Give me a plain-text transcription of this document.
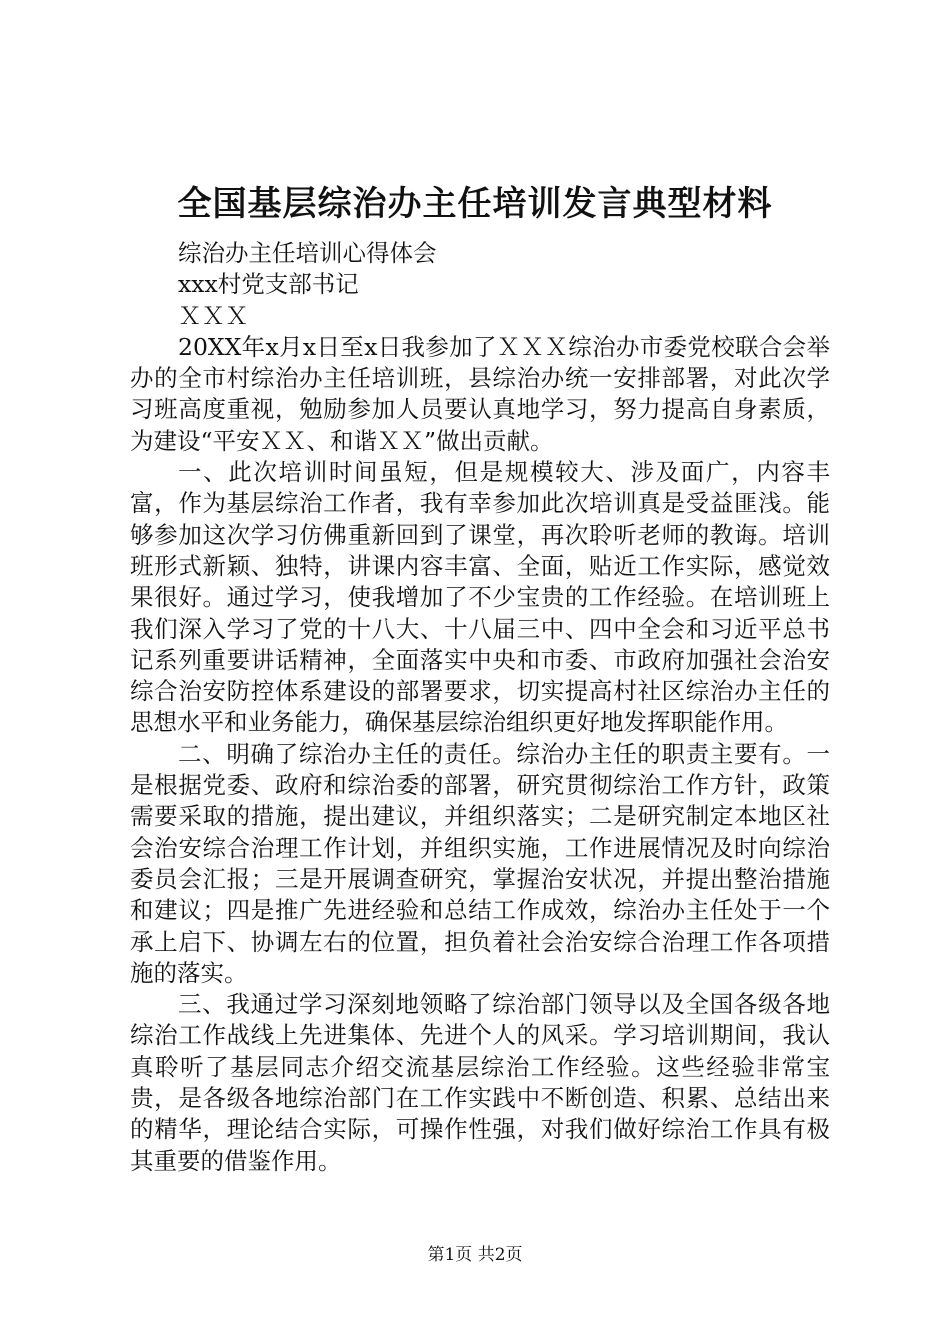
全国基层综治办主任培训发言典型材料
综治办主任培训心得体会
xxx村党支部书记
ＸＸＸ

20XX年x月x日至x日我参加了ＸＸＸ综治办市委党校联合会举办的全市村综治办主任培训班，县综治办统一安排部署，对此次学习班高度重视，勉励参加人员要认真地学习，努力提高自身素质，为建设“平安ＸＸ、和谐ＸＸ”做出贡献。

一、此次培训时间虽短，但是规模较大、涉及面广，内容丰富，作为基层综治工作者，我有幸参加此次培训真是受益匪浅。能够参加这次学习仿佛重新回到了课堂，再次聆听老师的教诲。培训班形式新颖、独特，讲课内容丰富、全面，贴近工作实际，感觉效果很好。通过学习，使我增加了不少宝贵的工作经验。在培训班上我们深入学习了党的十八大、十八届三中、四中全会和习近平总书记系列重要讲话精神，全面落实中央和市委、市政府加强社会治安综合治安防控体系建设的部署要求，切实提高村社区综治办主任的思想水平和业务能力，确保基层综治组织更好地发挥职能作用。

二、明确了综治办主任的责任。综治办主任的职责主要有。一是根据党委、政府和综治委的部署，研究贯彻综治工作方针，政策需要采取的措施，提出建议，并组织落实；二是研究制定本地区社会治安综合治理工作计划，并组织实施，工作进展情况及时向综治委员会汇报；三是开展调查研究，掌握治安状况，并提出整治措施和建议；四是推广先进经验和总结工作成效，综治办主任处于一个承上启下、协调左右的位置，担负着社会治安综合治理工作各项措施的落实。

三、我通过学习深刻地领略了综治部门领导以及全国各级各地综治工作战线上先进集体、先进个人的风采。学习培训期间，我认真聆听了基层同志介绍交流基层综治工作经验。这些经验非常宝贵，是各级各地综治部门在工作实践中不断创造、积累、总结出来的精华，理论结合实际，可操作性强，对我们做好综治工作具有极其重要的借鉴作用。

第1页 共2页
